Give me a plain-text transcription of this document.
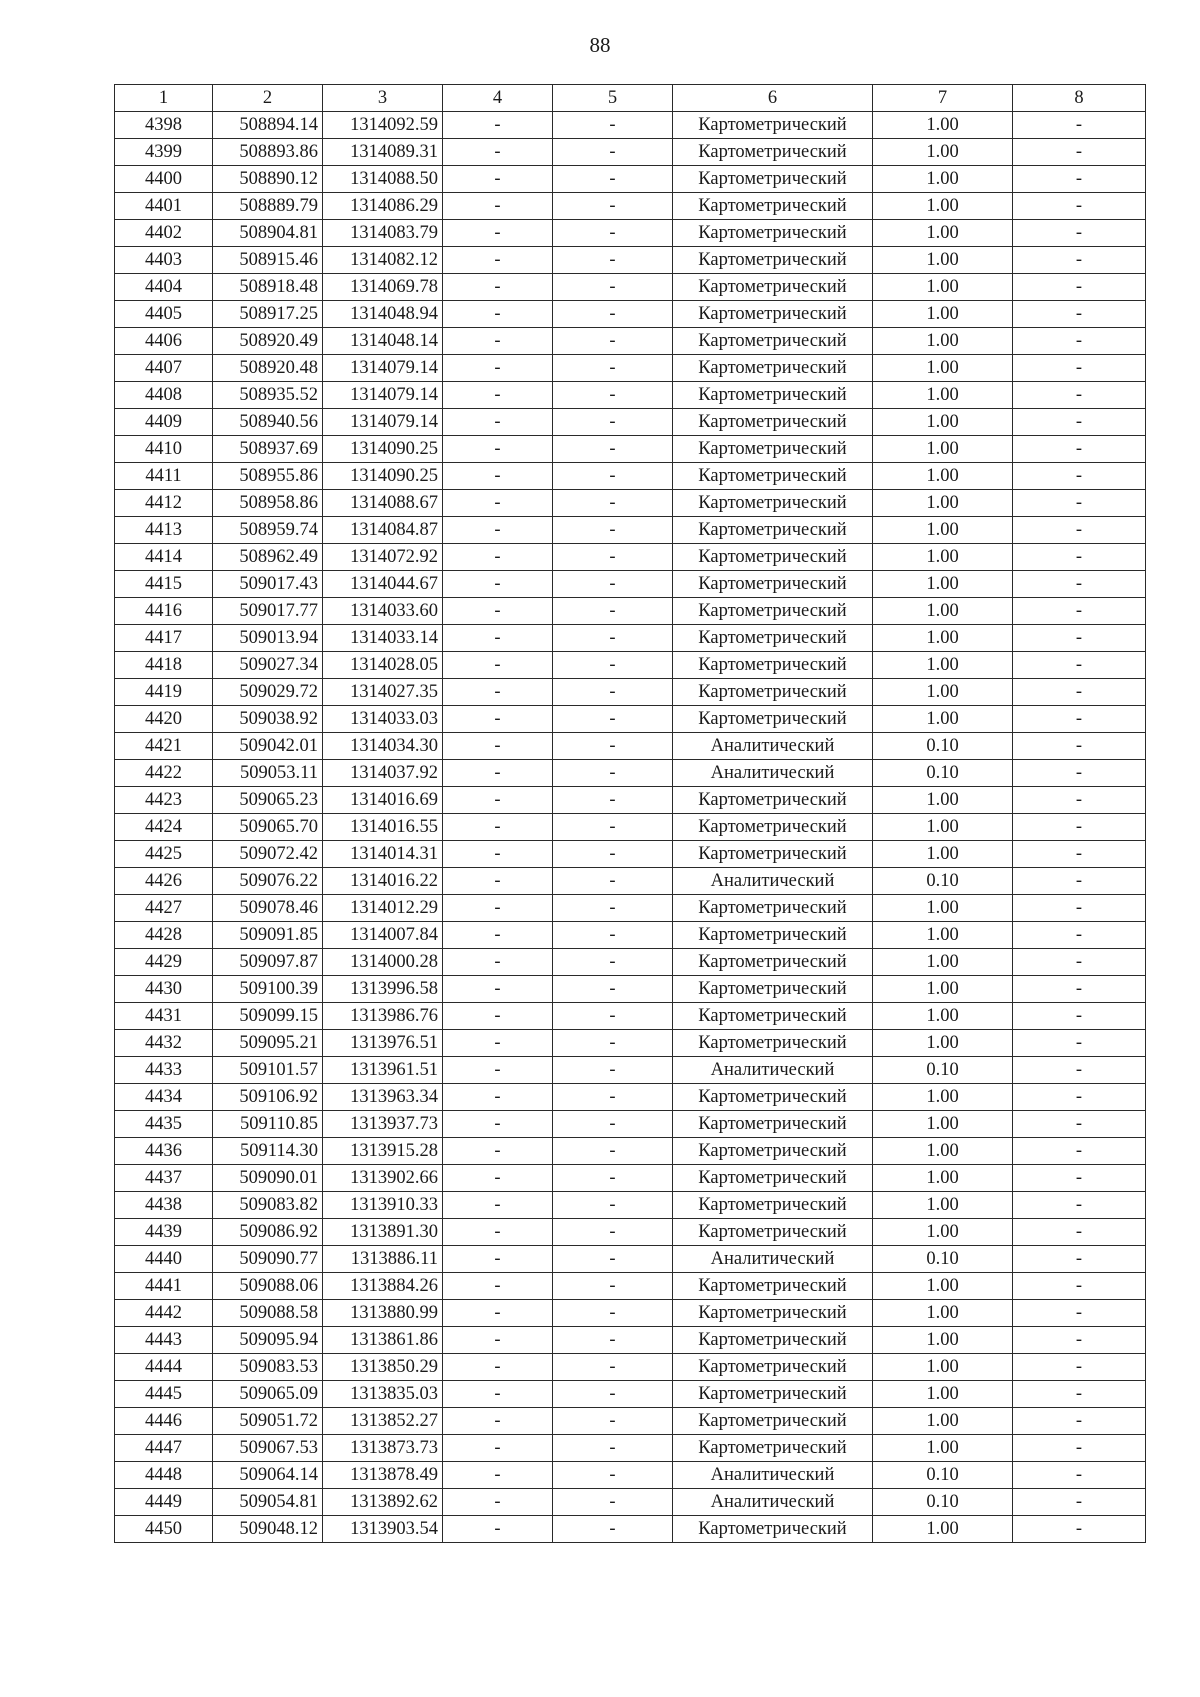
88
1	2	3	4	5	6	7	8
4398	508894.14	1314092.59	-	-	Картометрический	1.00	-
4399	508893.86	1314089.31	-	-	Картометрический	1.00	-
4400	508890.12	1314088.50	-	-	Картометрический	1.00	-
4401	508889.79	1314086.29	-	-	Картометрический	1.00	-
4402	508904.81	1314083.79	-	-	Картометрический	1.00	-
4403	508915.46	1314082.12	-	-	Картометрический	1.00	-
4404	508918.48	1314069.78	-	-	Картометрический	1.00	-
4405	508917.25	1314048.94	-	-	Картометрический	1.00	-
4406	508920.49	1314048.14	-	-	Картометрический	1.00	-
4407	508920.48	1314079.14	-	-	Картометрический	1.00	-
4408	508935.52	1314079.14	-	-	Картометрический	1.00	-
4409	508940.56	1314079.14	-	-	Картометрический	1.00	-
4410	508937.69	1314090.25	-	-	Картометрический	1.00	-
4411	508955.86	1314090.25	-	-	Картометрический	1.00	-
4412	508958.86	1314088.67	-	-	Картометрический	1.00	-
4413	508959.74	1314084.87	-	-	Картометрический	1.00	-
4414	508962.49	1314072.92	-	-	Картометрический	1.00	-
4415	509017.43	1314044.67	-	-	Картометрический	1.00	-
4416	509017.77	1314033.60	-	-	Картометрический	1.00	-
4417	509013.94	1314033.14	-	-	Картометрический	1.00	-
4418	509027.34	1314028.05	-	-	Картометрический	1.00	-
4419	509029.72	1314027.35	-	-	Картометрический	1.00	-
4420	509038.92	1314033.03	-	-	Картометрический	1.00	-
4421	509042.01	1314034.30	-	-	Аналитический	0.10	-
4422	509053.11	1314037.92	-	-	Аналитический	0.10	-
4423	509065.23	1314016.69	-	-	Картометрический	1.00	-
4424	509065.70	1314016.55	-	-	Картометрический	1.00	-
4425	509072.42	1314014.31	-	-	Картометрический	1.00	-
4426	509076.22	1314016.22	-	-	Аналитический	0.10	-
4427	509078.46	1314012.29	-	-	Картометрический	1.00	-
4428	509091.85	1314007.84	-	-	Картометрический	1.00	-
4429	509097.87	1314000.28	-	-	Картометрический	1.00	-
4430	509100.39	1313996.58	-	-	Картометрический	1.00	-
4431	509099.15	1313986.76	-	-	Картометрический	1.00	-
4432	509095.21	1313976.51	-	-	Картометрический	1.00	-
4433	509101.57	1313961.51	-	-	Аналитический	0.10	-
4434	509106.92	1313963.34	-	-	Картометрический	1.00	-
4435	509110.85	1313937.73	-	-	Картометрический	1.00	-
4436	509114.30	1313915.28	-	-	Картометрический	1.00	-
4437	509090.01	1313902.66	-	-	Картометрический	1.00	-
4438	509083.82	1313910.33	-	-	Картометрический	1.00	-
4439	509086.92	1313891.30	-	-	Картометрический	1.00	-
4440	509090.77	1313886.11	-	-	Аналитический	0.10	-
4441	509088.06	1313884.26	-	-	Картометрический	1.00	-
4442	509088.58	1313880.99	-	-	Картометрический	1.00	-
4443	509095.94	1313861.86	-	-	Картометрический	1.00	-
4444	509083.53	1313850.29	-	-	Картометрический	1.00	-
4445	509065.09	1313835.03	-	-	Картометрический	1.00	-
4446	509051.72	1313852.27	-	-	Картометрический	1.00	-
4447	509067.53	1313873.73	-	-	Картометрический	1.00	-
4448	509064.14	1313878.49	-	-	Аналитический	0.10	-
4449	509054.81	1313892.62	-	-	Аналитический	0.10	-
4450	509048.12	1313903.54	-	-	Картометрический	1.00	-
